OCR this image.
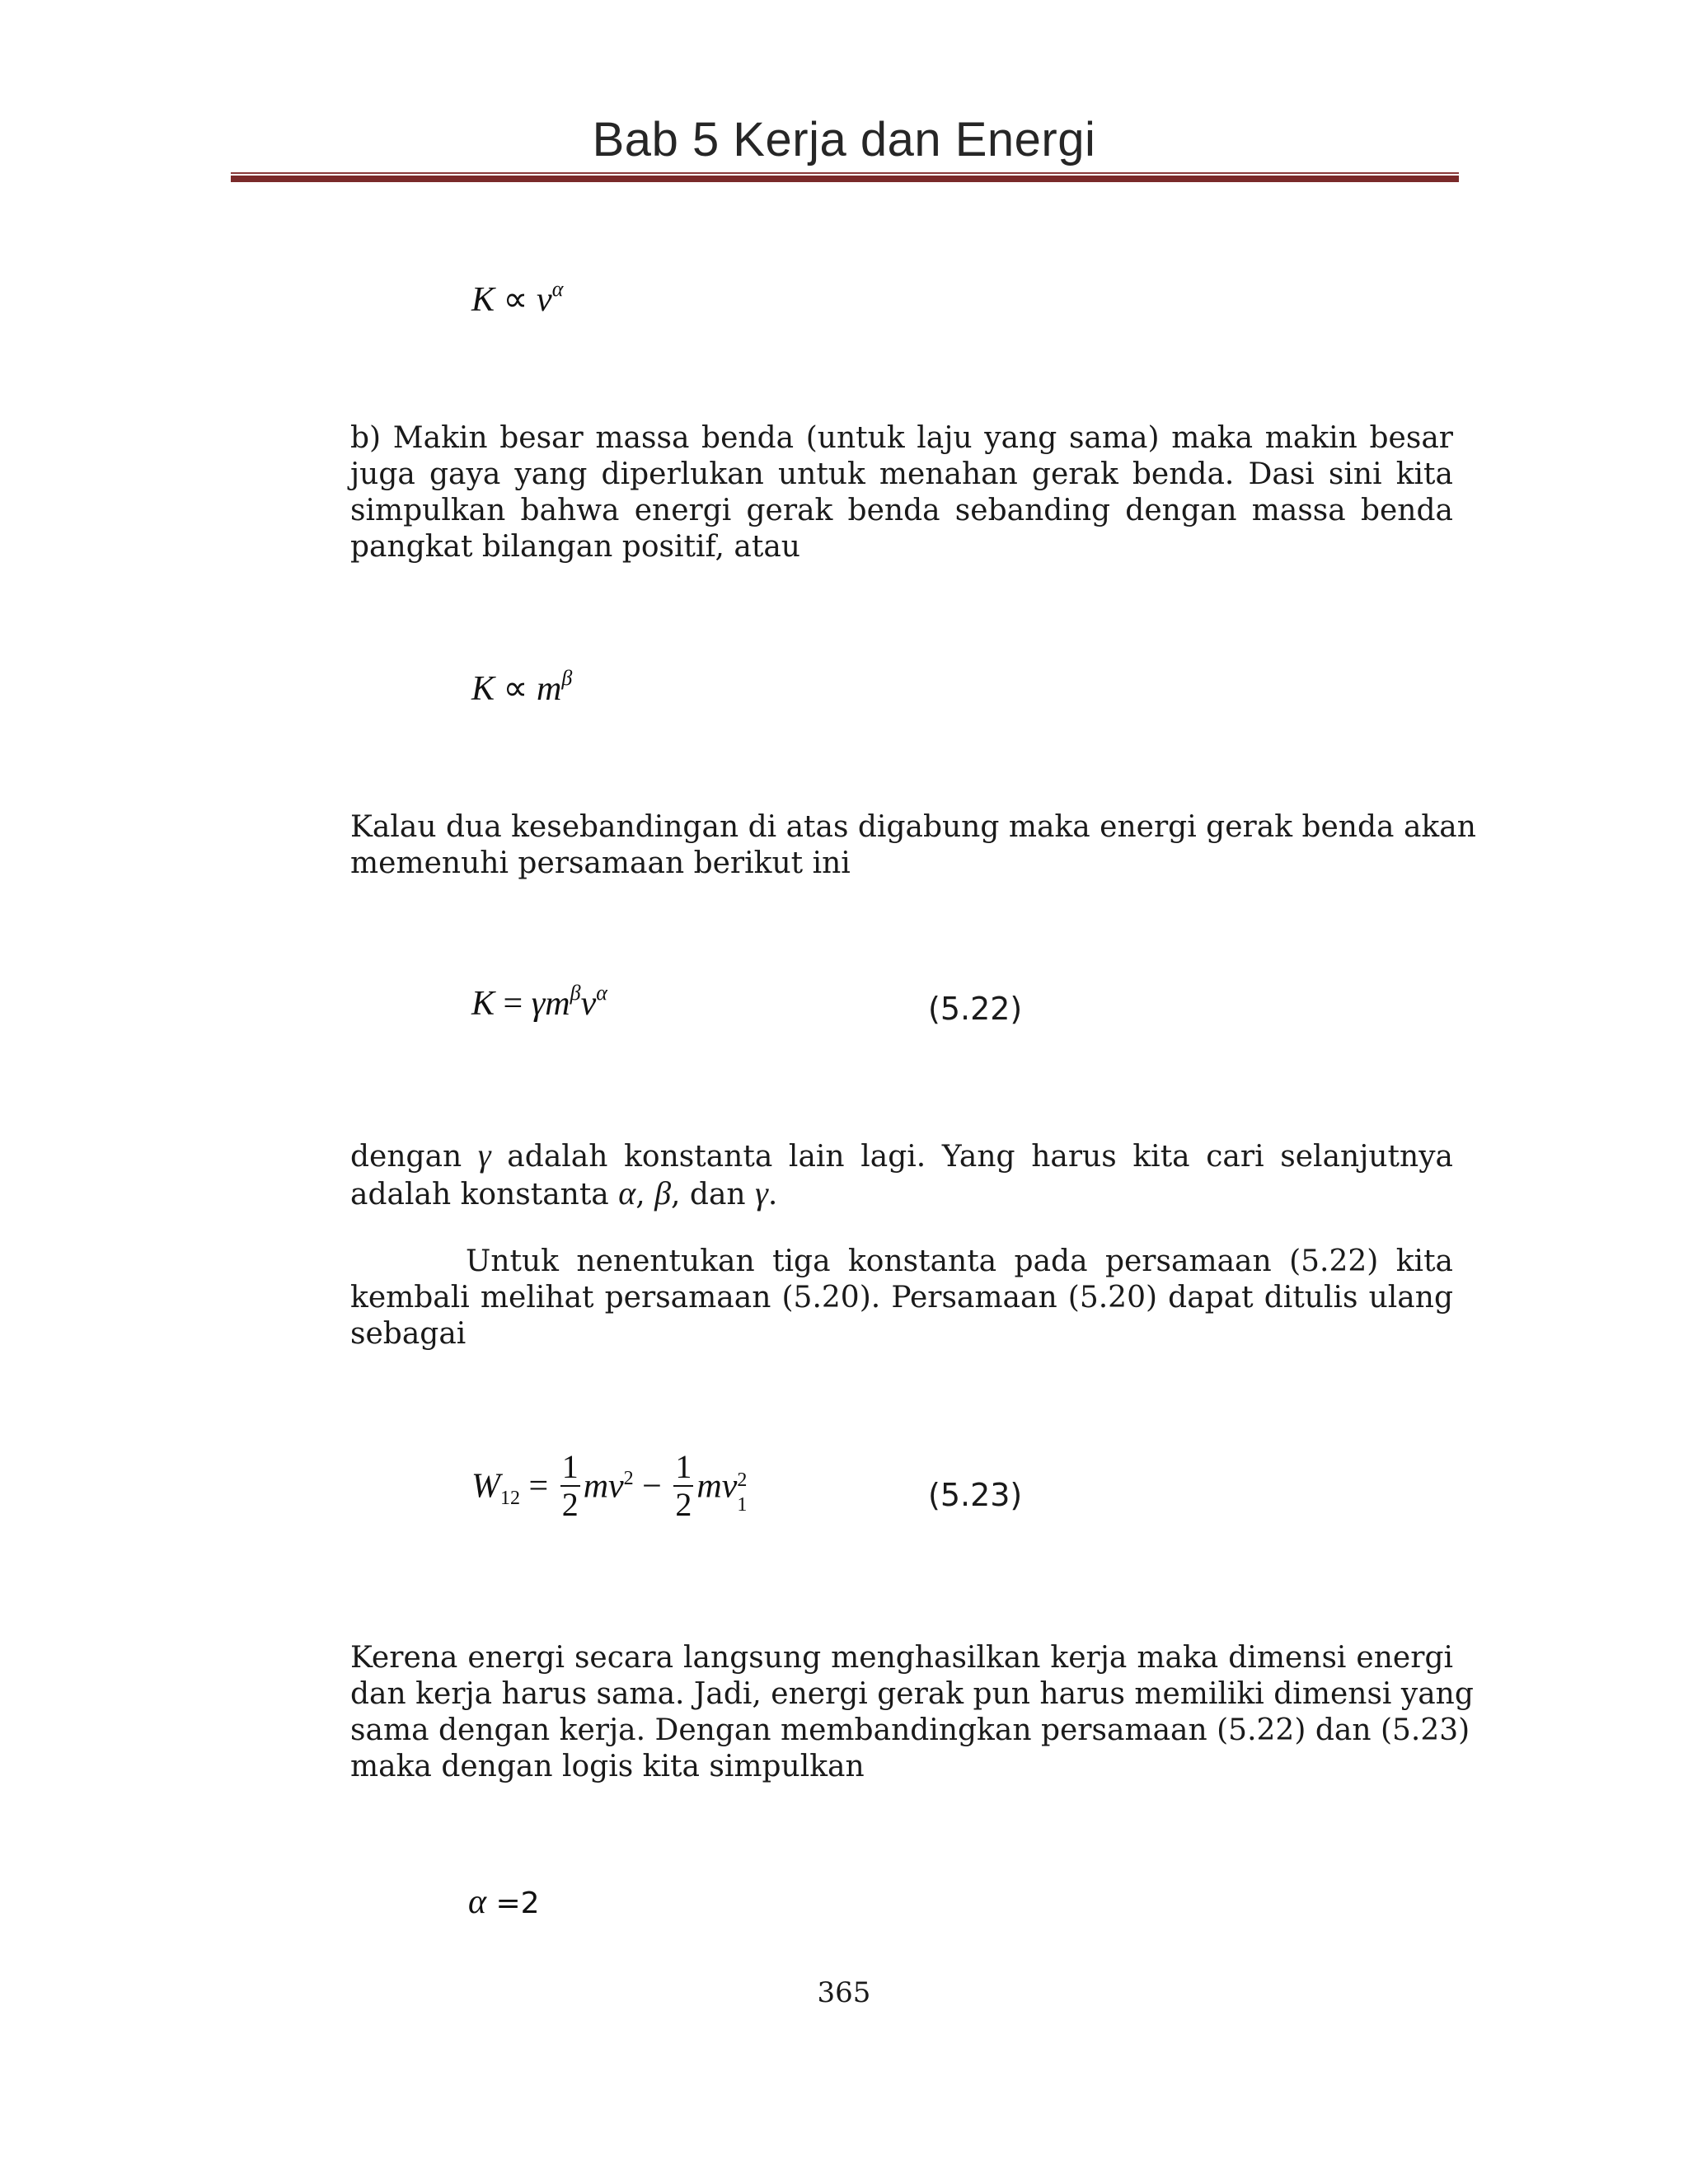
Bab 5 Kerja dan Energi
$K \propto v^\alpha$
b) Makin besar massa benda (untuk laju yang sama) maka makin besar
juga gaya yang diperlukan untuk menahan gerak benda. Dasi sini kita
simpulkan bahwa energi gerak benda sebanding dengan massa benda
pangkat bilangan positif, atau
$K \propto m^\beta$
Kalau dua kesebandingan di atas digabung maka energi gerak benda akan
memenuhi persamaan berikut ini
$K = \gamma m^\beta v^\alpha$	(5.22)
dengan γ adalah konstanta lain lagi. Yang harus kita cari selanjutnya
adalah konstanta α, β, dan γ.
Untuk nenentukan tiga konstanta pada persamaan (5.22) kita
kembali melihat persamaan (5.20). Persamaan (5.20) dapat ditulis ulang
sebagai
$W12 = \frac{1}{2} mv^2 - \frac{1}{2}$ mv 2
1	(5.23)
Kerena energi secara langsung menghasilkan kerja maka dimensi energi
dan kerja harus sama. Jadi, energi gerak pun harus memiliki dimensi yang
sama dengan kerja. Dengan membandingkan persamaan (5.22) dan (5.23)
maka dengan logis kita simpulkan
α =2
365
